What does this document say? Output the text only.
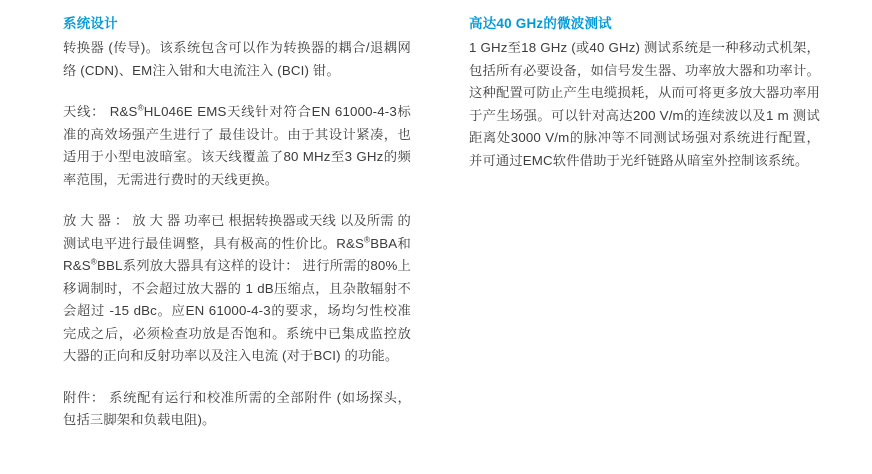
系统设计

转换器 (传导)。该系统包含可以作为转换器的耦合/退耦网络 (CDN)、EM注入钳和大电流注入 (BCI) 钳。

天线： R&S®HL046E EMS天线针对符合EN 61000-4-3标准的高效场强产生进行了 最佳设计。由于其设计紧凑，也适用于小型电波暗室。该天线覆盖了80 MHz至3 GHz的频率范围，无需进行费时的天线更换。

放 大 器 ： 放 大 器 功率已 根据转换器或天线 以及所需 的测试电平进行最佳调整，具有极高的性价比。R&S®BBA和R&S®BBL系列放大器具有这样的设计： 进行所需的80%上移调制时，不会超过放大器的 1 dB压缩点，且杂散辐射不会超过 -15 dBc。应EN 61000-4-3的要求，场均匀性校准完成之后，必须检查功放是否饱和。系统中已集成监控放大器的正向和反射功率以及注入电流 (对于BCI) 的功能。

附件： 系统配有运行和校准所需的全部附件 (如场探头，包括三脚架和负载电阻)。

高达40 GHz的微波测试

1 GHz至18 GHz (或40 GHz) 测试系统是一种移动式机架，包括所有必要设备，如信号发生器、功率放大器和功率计。这种配置可防止产生电缆损耗，从而可将更多放大器功率用于产生场强。可以针对高达200 V/m的连续波以及1 m 测试距离处3000 V/m的脉冲等不同测试场强对系统进行配置，并可通过EMC软件借助于光纤链路从暗室外控制该系统。
